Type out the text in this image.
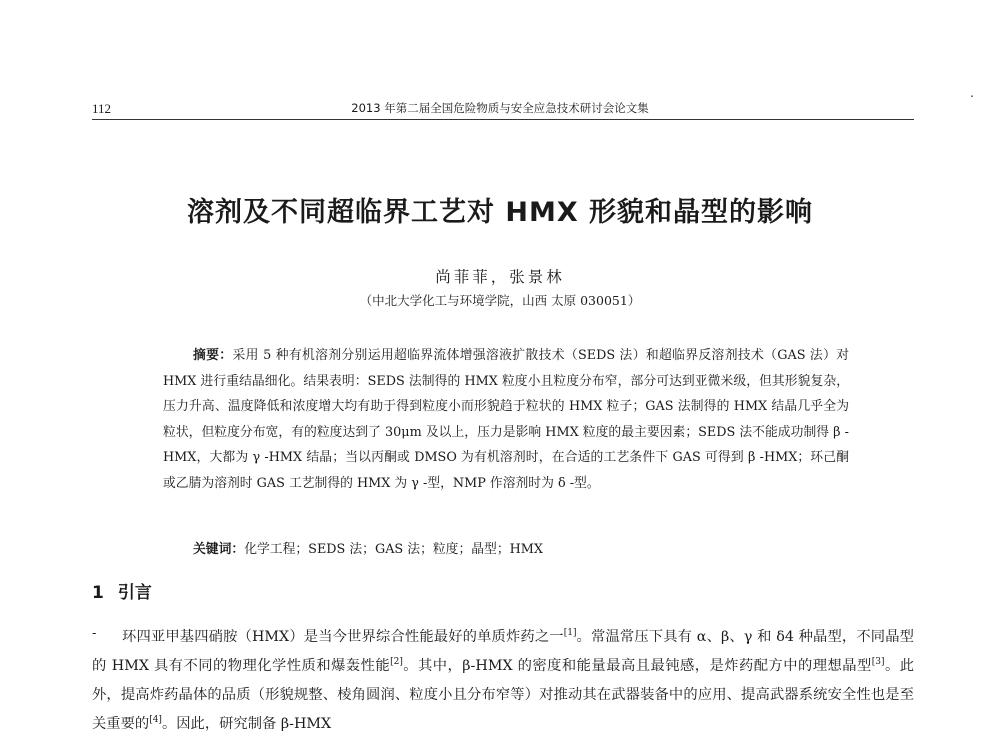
112	2013 年第二届全国危险物质与安全应急技术研讨会论文集
.
溶剂及不同超临界工艺对 HMX 形貌和晶型的影响
尚菲菲，张景林
（中北大学化工与环境学院，山西 太原 030051）
摘要：采用 5 种有机溶剂分别运用超临界流体增强溶液扩散技术（SEDS 法）和超临界反溶剂技术（GAS 法）对 HMX 进行重结晶细化。结果表明：SEDS 法制得的 HMX 粒度小且粒度分布窄，部分可达到亚微米级，但其形貌复杂，压力升高、温度降低和浓度增大均有助于得到粒度小而形貌趋于粒状的 HMX 粒子；GAS 法制得的 HMX 结晶几乎全为粒状，但粒度分布宽，有的粒度达到了 30μm 及以上，压力是影响 HMX 粒度的最主要因素；SEDS 法不能成功制得 β -HMX，大都为 γ -HMX 结晶；当以丙酮或 DMSO 为有机溶剂时，在合适的工艺条件下 GAS 可得到 β -HMX；环己酮或乙腈为溶剂时 GAS 工艺制得的 HMX 为 γ -型，NMP 作溶剂时为 δ -型。
关键词：化学工程；SEDS 法；GAS 法；粒度；晶型；HMX
1 引言
-	环四亚甲基四硝胺（HMX）是当今世界综合性能最好的单质炸药之一[1]。常温常压下具有 α、β、γ 和 δ4 种晶型，不同晶型的 HMX 具有不同的物理化学性质和爆轰性能[2]。其中，β-HMX 的密度和能量最高且最钝感，是炸药配方中的理想晶型[3]。此外，提高炸药晶体的品质（形貌规整、棱角圆润、粒度小且分布窄等）对推动其在武器装备中的应用、提高武器系统安全性也是至关重要的[4]。因此，研究制备 β-HMX
